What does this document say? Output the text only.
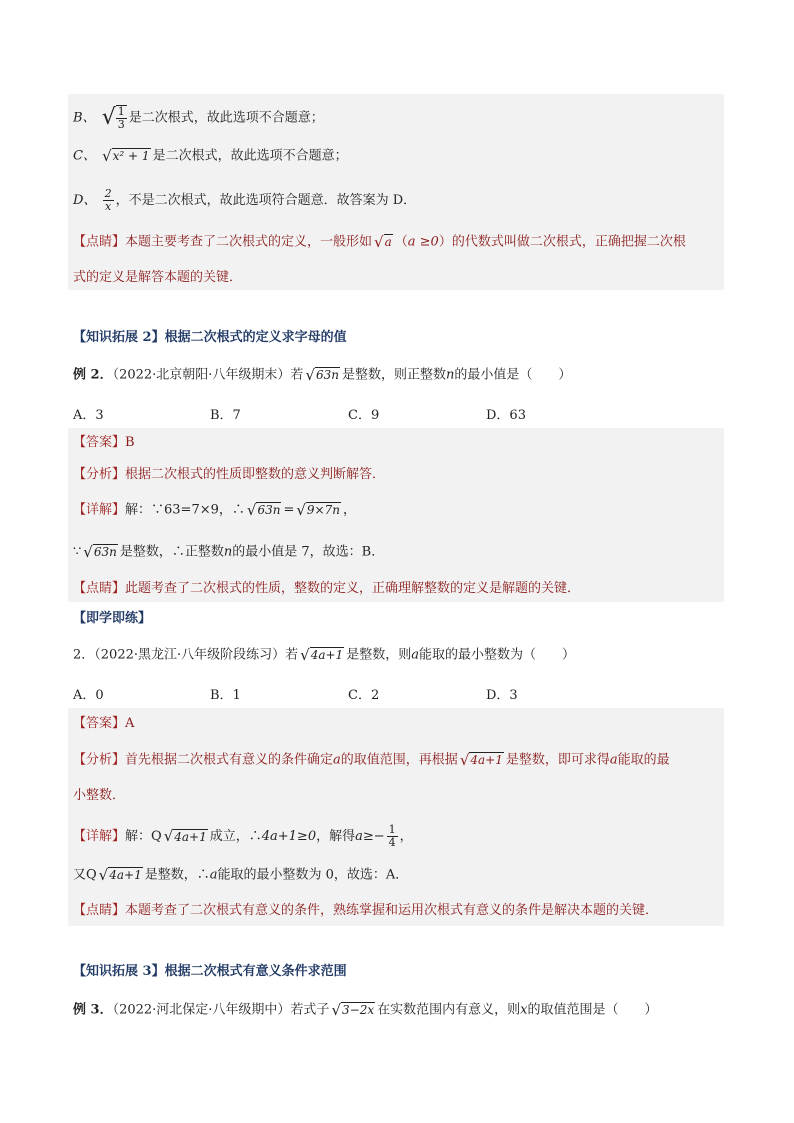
B、 √ $\frac{1}{3}$ 是二次根式，故此选项不合题意；
C、 √x² + 1 是二次根式，故此选项不合题意；
D、 $\frac{2}{x}$ ，不是二次根式，故此选项符合题意．故答案为 D．
【点睛】本题主要考查了二次根式的定义，一般形如 √a （a ≥0）的代数式叫做二次根式，正确把握二次根
式的定义是解答本题的关键．
【知识拓展 2】根据二次根式的定义求字母的值
例 2．（2022·北京朝阳·八年级期末）若 √63n 是整数，则正整数n的最小值是（　　）
A．3	B．7	C．9	D．63
【答案】B
【分析】根据二次根式的性质即整数的意义判断解答．
【详解】解：∵63=7×9，∴ √63n = √9×7n ，
∵ √63n 是整数，∴正整数n的最小值是 7，故选：B．
【点睛】此题考查了二次根式的性质，整数的定义，正确理解整数的定义是解题的关键．
【即学即练】
2．（2022·黑龙江·八年级阶段练习）若 √4a+1 是整数，则a能取的最小整数为（　　）
A．0	B．1	C．2	D．3
【答案】A
【分析】首先根据二次根式有意义的条件确定a的取值范围，再根据 √4a+1 是整数，即可求得a能取的最
小整数．
【详解】解：Q √4a+1 成立，∴4a+1≥0，解得$a\ge- \frac{1}{4}$ ，
又Q √4a+1 是整数，∴a能取的最小整数为 0，故选：A．
【点睛】本题考查了二次根式有意义的条件，熟练掌握和运用次根式有意义的条件是解决本题的关键．
【知识拓展 3】根据二次根式有意义条件求范围
例 3．（2022·河北保定·八年级期中）若式子 √3−2x 在实数范围内有意义，则x的取值范围是（　　）
